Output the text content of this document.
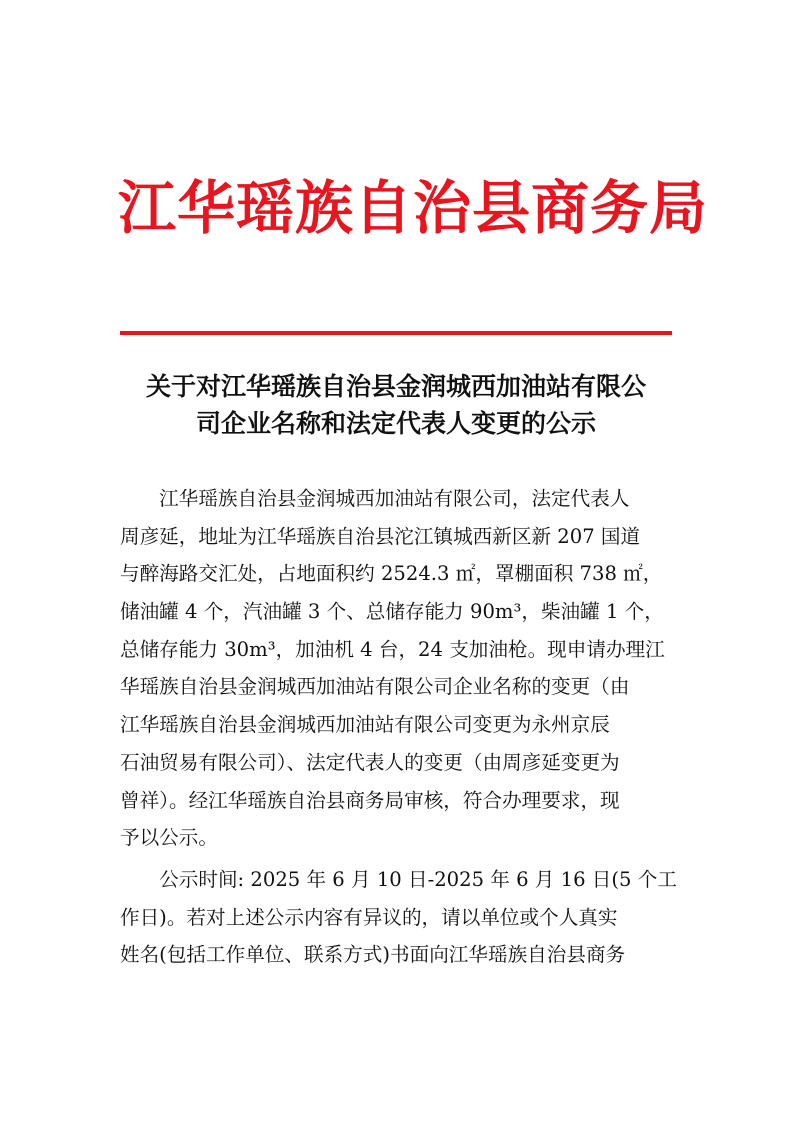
江华瑶族自治县商务局
关于对江华瑶族自治县金润城西加油站有限公
司企业名称和法定代表人变更的公示
　　江华瑶族自治县金润城西加油站有限公司，法定代表人
周彦延，地址为江华瑶族自治县沱江镇城西新区新 207 国道
与醉海路交汇处，占地面积约 2524.3 ㎡，罩棚面积 738 ㎡，
储油罐 4 个，汽油罐 3 个、总储存能力 90m³，柴油罐 1 个，
总储存能力 30m³，加油机 4 台，24 支加油枪。现申请办理江
华瑶族自治县金润城西加油站有限公司企业名称的变更（由
江华瑶族自治县金润城西加油站有限公司变更为永州京辰
石油贸易有限公司）、法定代表人的变更（由周彦延变更为
曾祥）。经江华瑶族自治县商务局审核，符合办理要求，现
予以公示。
　　公示时间: 2025 年 6 月 10 日-2025 年 6 月 16 日(5 个工
作日)。若对上述公示内容有异议的，请以单位或个人真实
姓名(包括工作单位、联系方式)书面向江华瑶族自治县商务
